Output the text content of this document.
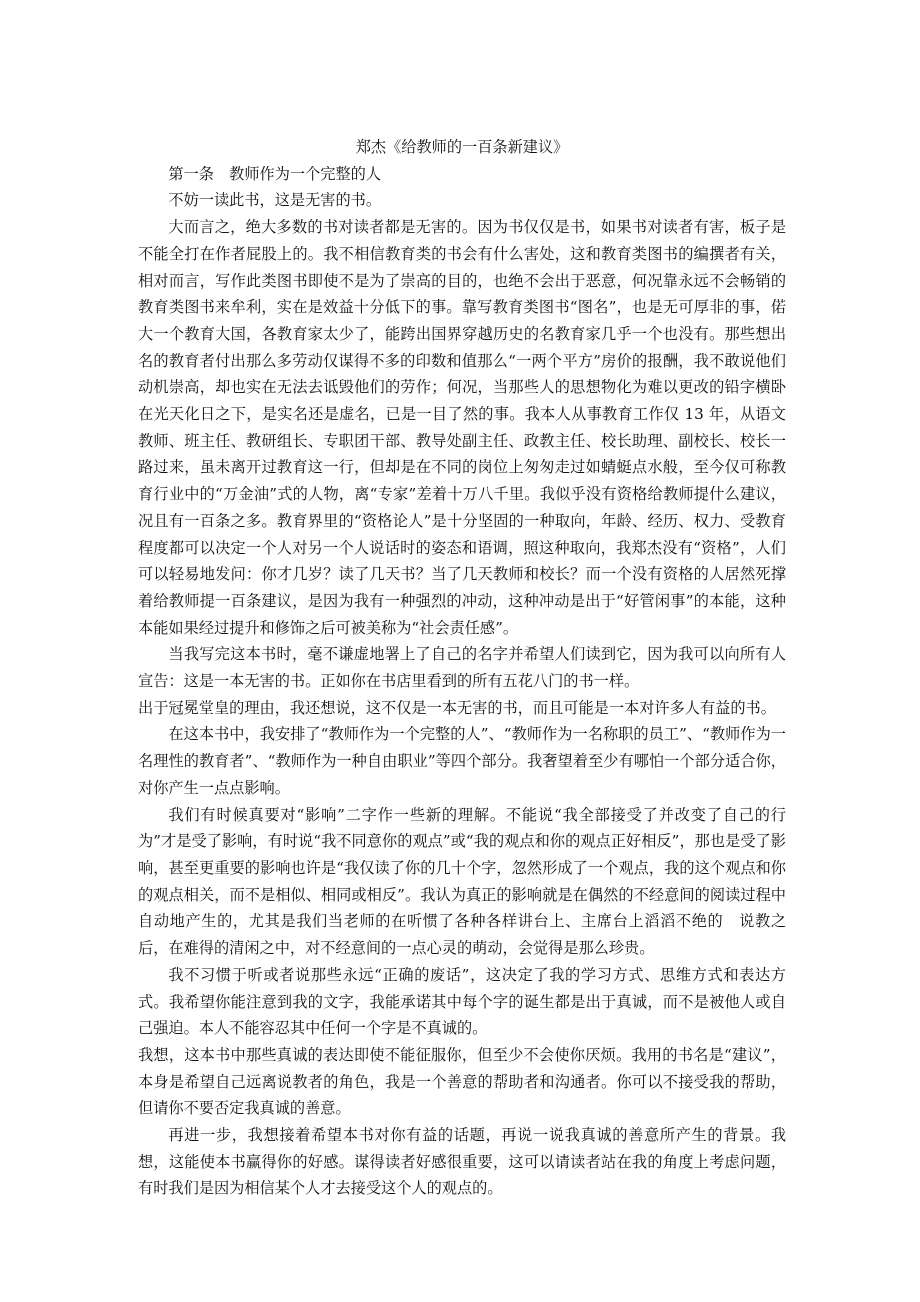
郑杰《给教师的一百条新建议》

第一条　教师作为一个完整的人

不妨一读此书，这是无害的书。

大而言之，绝大多数的书对读者都是无害的。因为书仅仅是书，如果书对读者有害，板子是不能全打在作者屁股上的。我不相信教育类的书会有什么害处，这和教育类图书的编撰者有关，相对而言，写作此类图书即使不是为了崇高的目的，也绝不会出于恶意，何况靠永远不会畅销的教育类图书来牟利，实在是效益十分低下的事。靠写教育类图书“图名”，也是无可厚非的事，偌大一个教育大国，各教育家太少了，能跨出国界穿越历史的名教育家几乎一个也没有。那些想出名的教育者付出那么多劳动仅谋得不多的印数和值那么“一两个平方”房价的报酬，我不敢说他们动机崇高，却也实在无法去诋毁他们的劳作；何况，当那些人的思想物化为难以更改的铅字横卧在光天化日之下，是实名还是虚名，已是一目了然的事。我本人从事教育工作仅 13 年，从语文教师、班主任、教研组长、专职团干部、教导处副主任、政教主任、校长助理、副校长、校长一路过来，虽未离开过教育这一行，但却是在不同的岗位上匆匆走过如蜻蜓点水般，至今仅可称教育行业中的“万金油”式的人物，离“专家”差着十万八千里。我似乎没有资格给教师提什么建议，况且有一百条之多。教育界里的“资格论人”是十分坚固的一种取向，年龄、经历、权力、受教育程度都可以决定一个人对另一个人说话时的姿态和语调，照这种取向，我郑杰没有“资格”，人们可以轻易地发问：你才几岁？读了几天书？当了几天教师和校长？而一个没有资格的人居然死撑着给教师提一百条建议，是因为我有一种强烈的冲动，这种冲动是出于“好管闲事”的本能，这种本能如果经过提升和修饰之后可被美称为“社会责任感”。

当我写完这本书时，毫不谦虚地署上了自己的名字并希望人们读到它，因为我可以向所有人宣告：这是一本无害的书。正如你在书店里看到的所有五花八门的书一样。

出于冠冕堂皇的理由，我还想说，这不仅是一本无害的书，而且可能是一本对许多人有益的书。

在这本书中，我安排了“教师作为一个完整的人”、“教师作为一名称职的员工”、“教师作为一名理性的教育者”、“教师作为一种自由职业”等四个部分。我奢望着至少有哪怕一个部分适合你，对你产生一点点影响。

我们有时候真要对“影响”二字作一些新的理解。不能说“我全部接受了并改变了自己的行为”才是受了影响，有时说“我不同意你的观点”或“我的观点和你的观点正好相反”，那也是受了影响，甚至更重要的影响也许是“我仅读了你的几十个字，忽然形成了一个观点，我的这个观点和你的观点相关，而不是相似、相同或相反”。我认为真正的影响就是在偶然的不经意间的阅读过程中自动地产生的，尤其是我们当老师的在听惯了各种各样讲台上、主席台上滔滔不绝的　说教之后，在难得的清闲之中，对不经意间的一点心灵的萌动，会觉得是那么珍贵。

我不习惯于听或者说那些永远“正确的废话”，这决定了我的学习方式、思维方式和表达方式。我希望你能注意到我的文字，我能承诺其中每个字的诞生都是出于真诚，而不是被他人或自己强迫。本人不能容忍其中任何一个字是不真诚的。

我想，这本书中那些真诚的表达即使不能征服你，但至少不会使你厌烦。我用的书名是“建议”，本身是希望自己远离说教者的角色，我是一个善意的帮助者和沟通者。你可以不接受我的帮助，但请你不要否定我真诚的善意。

再进一步，我想接着希望本书对你有益的话题，再说一说我真诚的善意所产生的背景。我想，这能使本书赢得你的好感。谋得读者好感很重要，这可以请读者站在我的角度上考虑问题，有时我们是因为相信某个人才去接受这个人的观点的。
